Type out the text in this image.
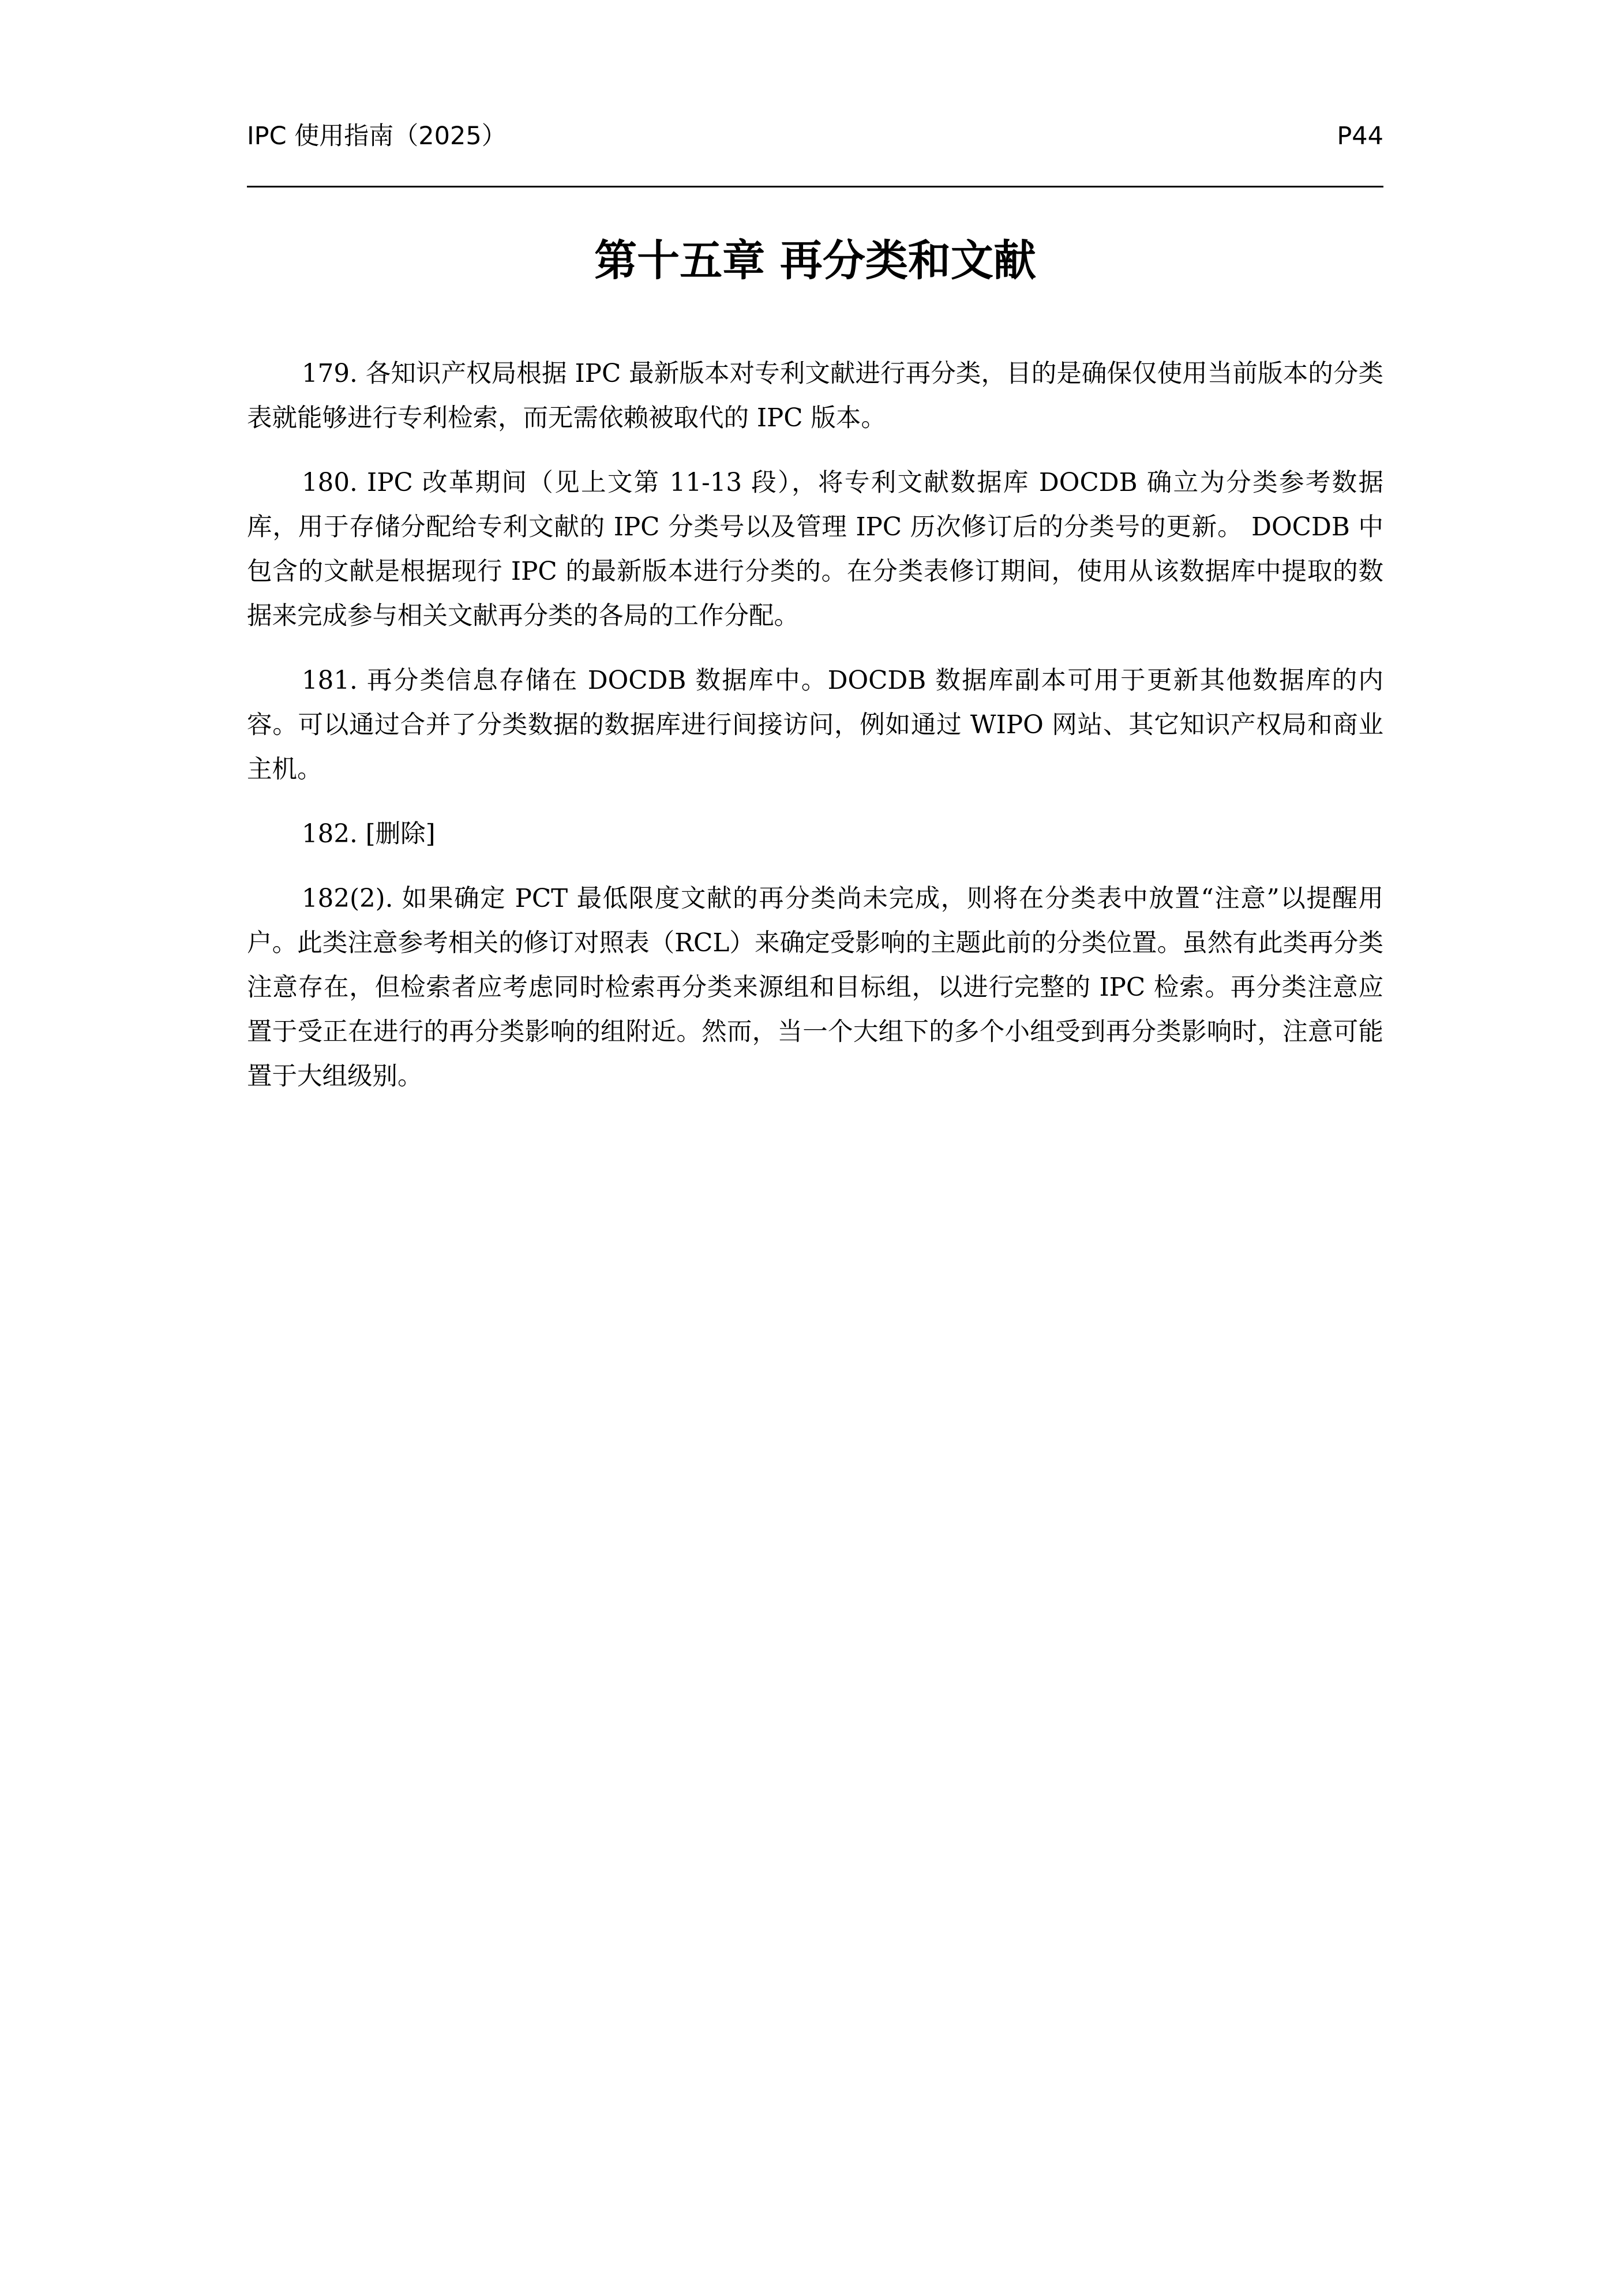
IPC 使用指南（2025）	P44
第十五章 再分类和文献

179. 各知识产权局根据 IPC 最新版本对专利文献进行再分类，目的是确保仅使用当前版本的分类表就能够进行专利检索，而无需依赖被取代的 IPC 版本。

180. IPC 改革期间（见上文第 11-13 段），将专利文献数据库 DOCDB 确立为分类参考数据库，用于存储分配给专利文献的 IPC 分类号以及管理 IPC 历次修订后的分类号的更新。 DOCDB 中包含的文献是根据现行 IPC 的最新版本进行分类的。在分类表修订期间，使用从该数据库中提取的数据来完成参与相关文献再分类的各局的工作分配。

181. 再分类信息存储在 DOCDB 数据库中。DOCDB 数据库副本可用于更新其他数据库的内容。可以通过合并了分类数据的数据库进行间接访问，例如通过 WIPO 网站、其它知识产权局和商业主机。

182. [删除]

182(2). 如果确定 PCT 最低限度文献的再分类尚未完成，则将在分类表中放置“注意”以提醒用户。此类注意参考相关的修订对照表（RCL）来确定受影响的主题此前的分类位置。虽然有此类再分类注意存在，但检索者应考虑同时检索再分类来源组和目标组，以进行完整的 IPC 检索。再分类注意应置于受正在进行的再分类影响的组附近。然而，当一个大组下的多个小组受到再分类影响时，注意可能置于大组级别。
